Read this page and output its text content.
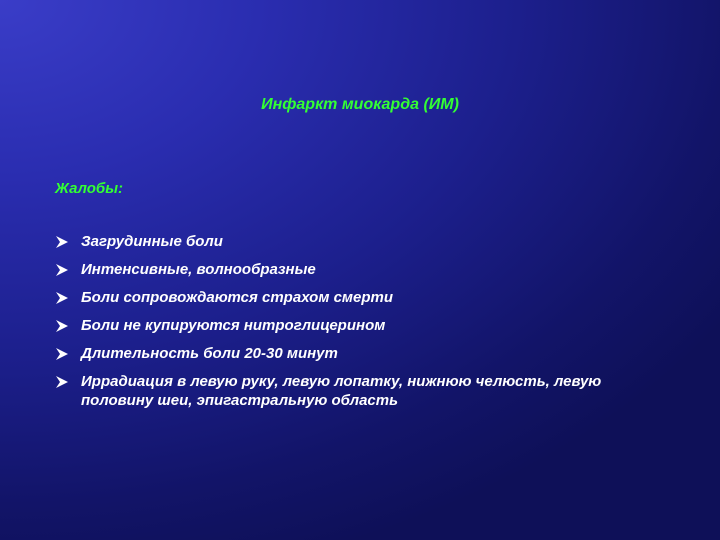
Инфаркт миокарда (ИМ)
Жалобы:
Загрудинные боли
Интенсивные, волнообразные
Боли сопровождаются страхом смерти
Боли не купируются нитроглицерином
Длительность боли 20-30 минут
Иррадиация в левую руку, левую лопатку, нижнюю челюсть, левую половину шеи, эпигастральную область
